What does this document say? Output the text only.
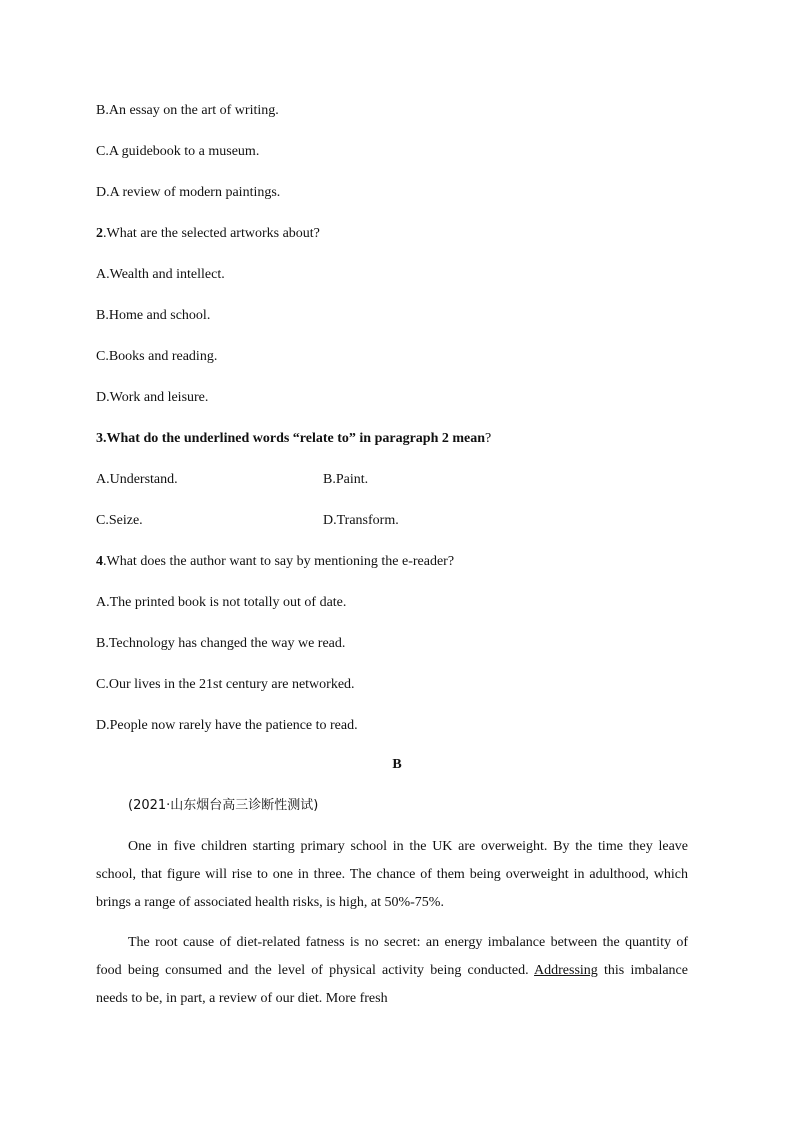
B.An essay on the art of writing.
C.A guidebook to a museum.
D.A review of modern paintings.
2.What are the selected artworks about?
A.Wealth and intellect.
B.Home and school.
C.Books and reading.
D.Work and leisure.
3.What do the underlined words “relate to” in paragraph 2 mean?
A.Understand.	B.Paint.
C.Seize.	D.Transform.
4.What does the author want to say by mentioning the e-reader?
A.The printed book is not totally out of date.
B.Technology has changed the way we read.
C.Our lives in the 21st century are networked.
D.People now rarely have the patience to read.
B
(2021·山东烟台高三诊断性测试)

One in five children starting primary school in the UK are overweight. By the time they leave school, that figure will rise to one in three. The chance of them being overweight in adulthood, which brings a range of associated health risks, is high, at 50%-75%.

The root cause of diet-related fatness is no secret: an energy imbalance between the quantity of food being consumed and the level of physical activity being conducted. Addressing this imbalance needs to be, in part, a review of our diet. More fresh
